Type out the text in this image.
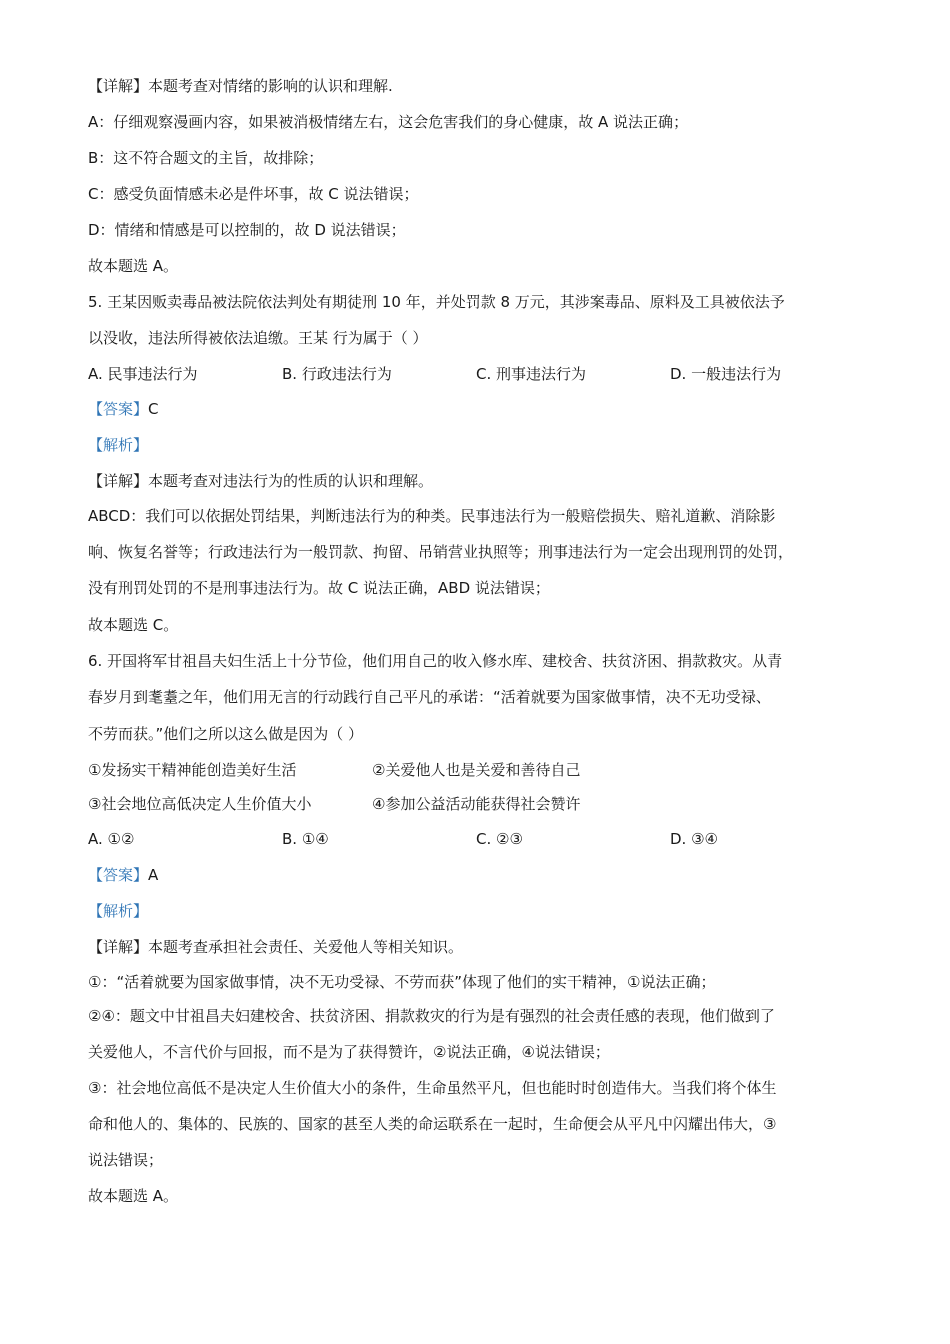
【详解】本题考查对情绪的影响的认识和理解.
A：仔细观察漫画内容，如果被消极情绪左右，这会危害我们的身心健康，故 A 说法正确；
B：这不符合题文的主旨，故排除；
C：感受负面情感未必是件坏事，故 C 说法错误；
D：情绪和情感是可以控制的，故 D 说法错误；
故本题选 A。
5. 王某因贩卖毒品被法院依法判处有期徒刑 10 年，并处罚款 8 万元，其涉案毒品、原料及工具被依法予
以没收，违法所得被依法追缴。王某 行为属于（ ）
A. 民事违法行为	B. 行政违法行为	C. 刑事违法行为	D. 一般违法行为
【答案】C
【解析】
【详解】本题考查对违法行为的性质的认识和理解。
ABCD：我们可以依据处罚结果，判断违法行为的种类。民事违法行为一般赔偿损失、赔礼道歉、消除影
响、恢复名誉等；行政违法行为一般罚款、拘留、吊销营业执照等；刑事违法行为一定会出现刑罚的处罚，
没有刑罚处罚的不是刑事违法行为。故 C 说法正确，ABD 说法错误；
故本题选 C。
6. 开国将军甘祖昌夫妇生活上十分节俭，他们用自己的收入修水库、建校舍、扶贫济困、捐款救灾。从青
春岁月到耄耋之年，他们用无言的行动践行自己平凡的承诺：“活着就要为国家做事情，决不无功受禄、
不劳而获。”他们之所以这么做是因为（ ）
①发扬实干精神能创造美好生活	②关爱他人也是关爱和善待自己
③社会地位高低决定人生价值大小	④参加公益活动能获得社会赞许
A. ①②	B. ①④	C. ②③	D. ③④
【答案】A
【解析】
【详解】本题考查承担社会责任、关爱他人等相关知识。
①：“活着就要为国家做事情，决不无功受禄、不劳而获”体现了他们的实干精神，①说法正确；
②④：题文中甘祖昌夫妇建校舍、扶贫济困、捐款救灾的行为是有强烈的社会责任感的表现，他们做到了
关爱他人，不言代价与回报，而不是为了获得赞许，②说法正确，④说法错误；
③：社会地位高低不是决定人生价值大小的条件，生命虽然平凡，但也能时时创造伟大。当我们将个体生
命和他人的、集体的、民族的、国家的甚至人类的命运联系在一起时，生命便会从平凡中闪耀出伟大，③
说法错误；
故本题选 A。
